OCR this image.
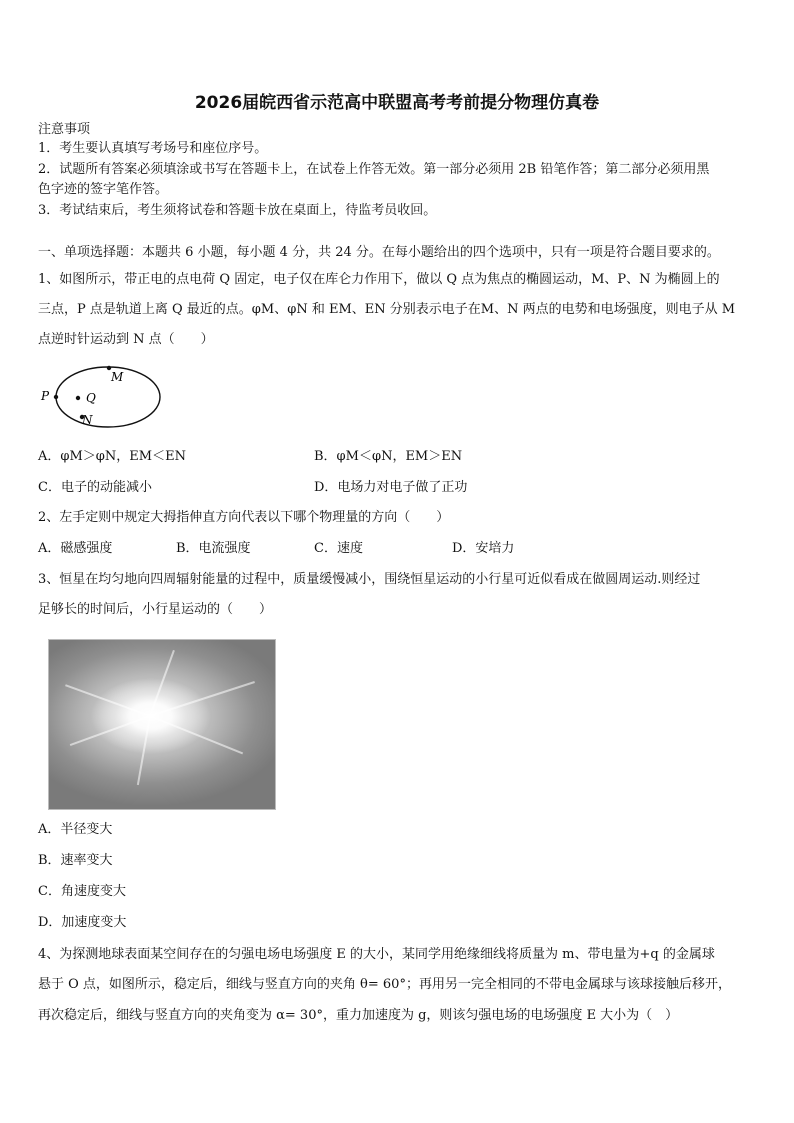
2026届皖西省示范高中联盟高考考前提分物理仿真卷
注意事项
1．考生要认真填写考场号和座位序号。
2．试题所有答案必须填涂或书写在答题卡上，在试卷上作答无效。第一部分必须用 2B 铅笔作答；第二部分必须用黑
色字迹的签字笔作答。
3．考试结束后，考生须将试卷和答题卡放在桌面上，待监考员收回。
一、单项选择题：本题共 6 小题，每小题 4 分，共 24 分。在每小题给出的四个选项中，只有一项是符合题目要求的。
1、如图所示，带正电的点电荷 Q 固定，电子仅在库仑力作用下，做以 Q 点为焦点的椭圆运动，M、P、N 为椭圆上的
三点，P 点是轨道上离 Q 最近的点。φM、φN 和 EM、EN 分别表示电子在M、N 两点的电势和电场强度，则电子从 M
点逆时针运动到 N 点（　　）
P	Q
M
N
A．φM＞φN，EM＜EN	B．φM＜φN，EM＞EN
C．电子的动能减小	D．电场力对电子做了正功
2、左手定则中规定大拇指伸直方向代表以下哪个物理量的方向（　　）
A．磁感强度	B．电流强度	C．速度	D．安培力
3、恒星在均匀地向四周辐射能量的过程中，质量缓慢减小，围绕恒星运动的小行星可近似看成在做圆周运动.则经过
足够长的时间后，小行星运动的（　　）
A．半径变大
B．速率变大
C．角速度变大
D．加速度变大
4、为探测地球表面某空间存在的匀强电场电场强度 E 的大小，某同学用绝缘细线将质量为 m、带电量为+q 的金属球
悬于 O 点，如图所示，稳定后，细线与竖直方向的夹角 θ= 60°；再用另一完全相同的不带电金属球与该球接触后移开，
再次稳定后，细线与竖直方向的夹角变为 α= 30°，重力加速度为 g，则该匀强电场的电场强度 E 大小为（　）
